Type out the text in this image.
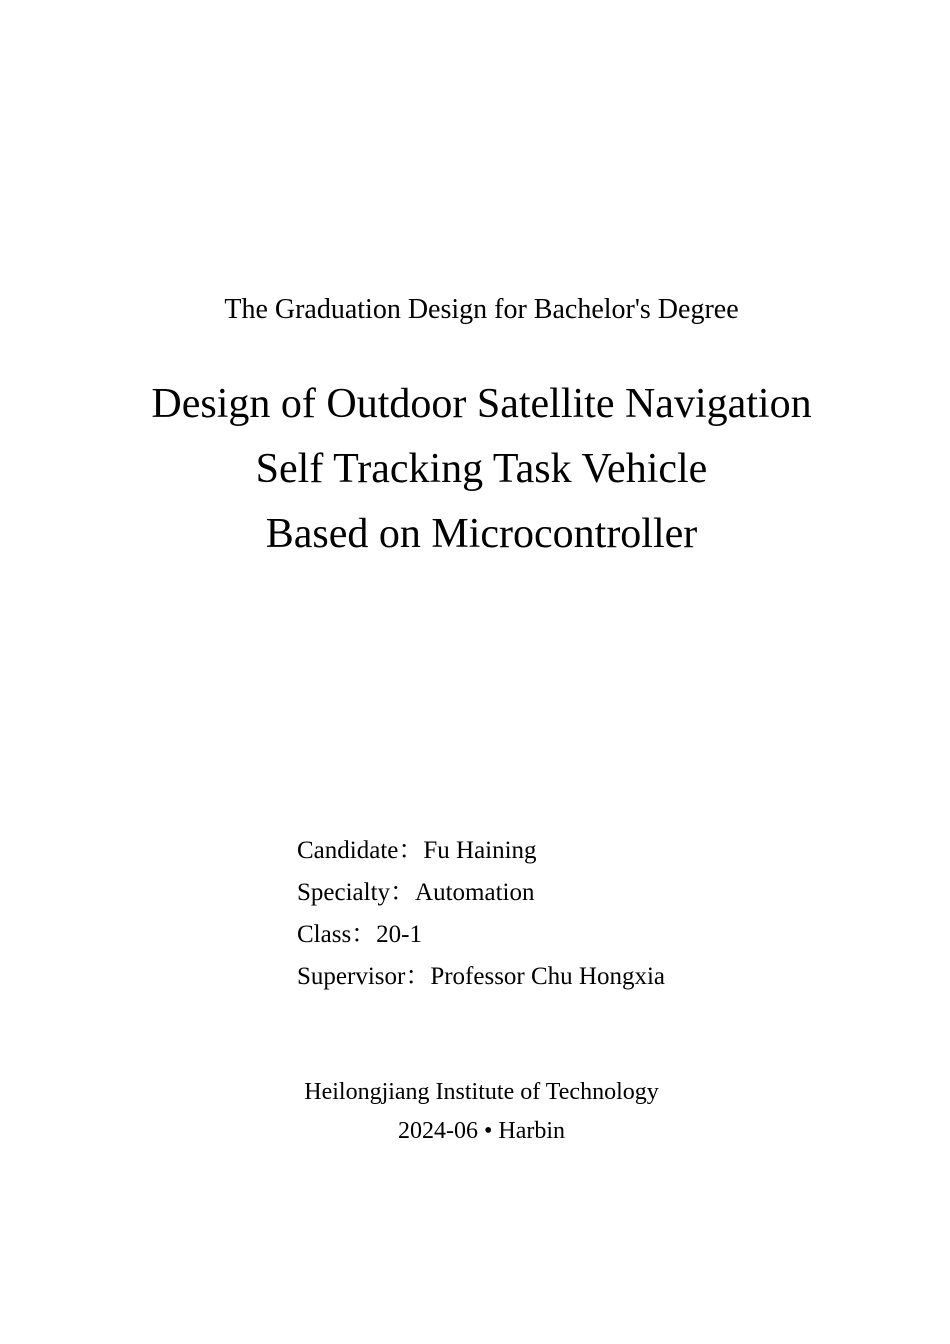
The Graduation Design for Bachelor's Degree
Design of Outdoor Satellite Navigation
Self Tracking Task Vehicle
Based on Microcontroller
Candidate：Fu Haining
Specialty：Automation
Class：20-1
Supervisor：Professor Chu Hongxia
Heilongjiang Institute of Technology
2024-06 • Harbin
